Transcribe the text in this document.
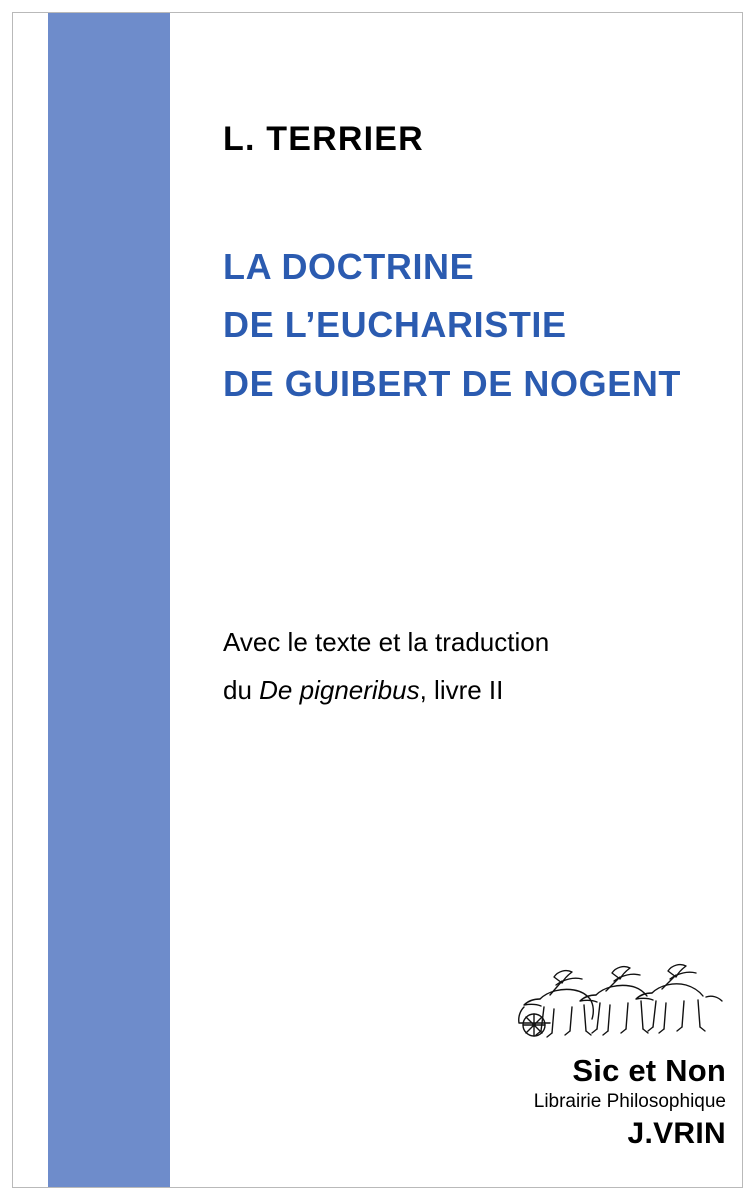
L. TERRIER
LA DOCTRINE
DE L’EUCHARISTIE
DE GUIBERT DE NOGENT
Avec le texte et la traduction
du De pigneribus, livre II
Sic et Non
Librairie Philosophique
J.VRIN
